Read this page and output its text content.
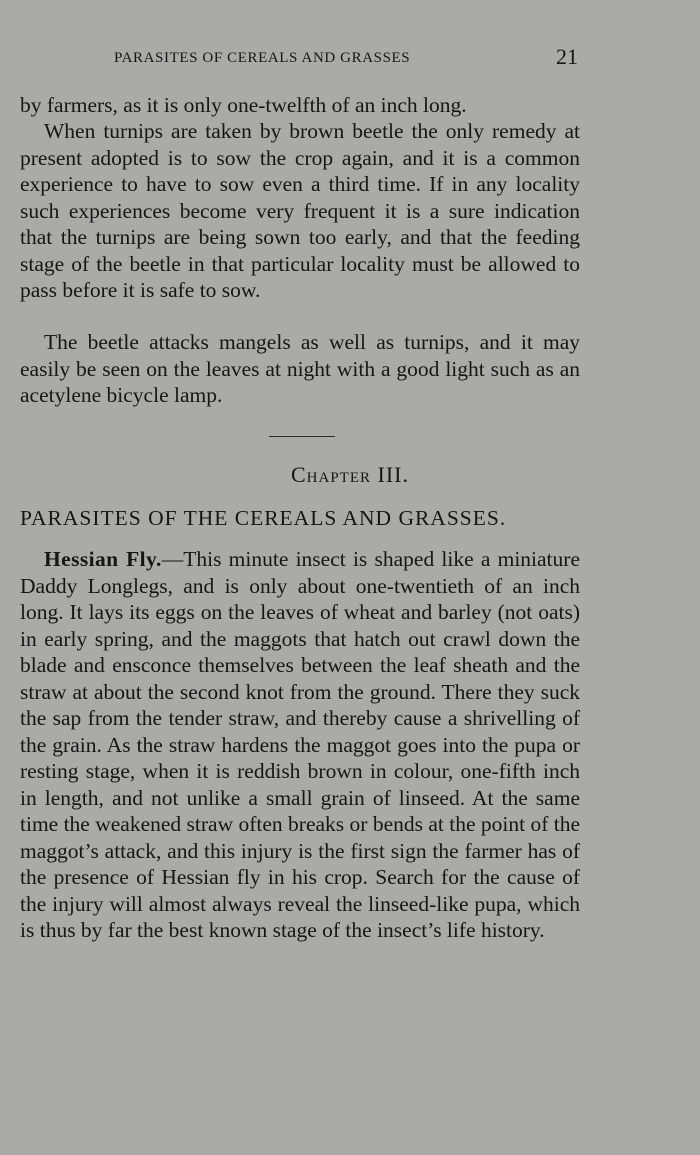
PARASITES OF CEREALS AND GRASSES	21

by farmers, as it is only one-twelfth of an inch long.

When turnips are taken by brown beetle the only remedy at present adopted is to sow the crop again, and it is a common experience to have to sow even a third time. If in any locality such experiences become very frequent it is a sure indication that the turnips are being sown too early, and that the feeding stage of the beetle in that particular locality must be allowed to pass before it is safe to sow.

The beetle attacks mangels as well as turnips, and it may easily be seen on the leaves at night with a good light such as an acetylene bicycle lamp.

Chapter III.
PARASITES OF THE CEREALS AND GRASSES.

Hessian Fly.—This minute insect is shaped like a miniature Daddy Longlegs, and is only about one-twentieth of an inch long. It lays its eggs on the leaves of wheat and barley (not oats) in early spring, and the maggots that hatch out crawl down the blade and ensconce themselves between the leaf sheath and the straw at about the second knot from the ground. There they suck the sap from the tender straw, and thereby cause a shrivelling of the grain. As the straw hardens the maggot goes into the pupa or resting stage, when it is reddish brown in colour, one-fifth inch in length, and not unlike a small grain of linseed. At the same time the weakened straw often breaks or bends at the point of the maggot’s attack, and this injury is the first sign the farmer has of the presence of Hessian fly in his crop. Search for the cause of the injury will almost always reveal the linseed-like pupa, which is thus by far the best known stage of the insect’s life history.
